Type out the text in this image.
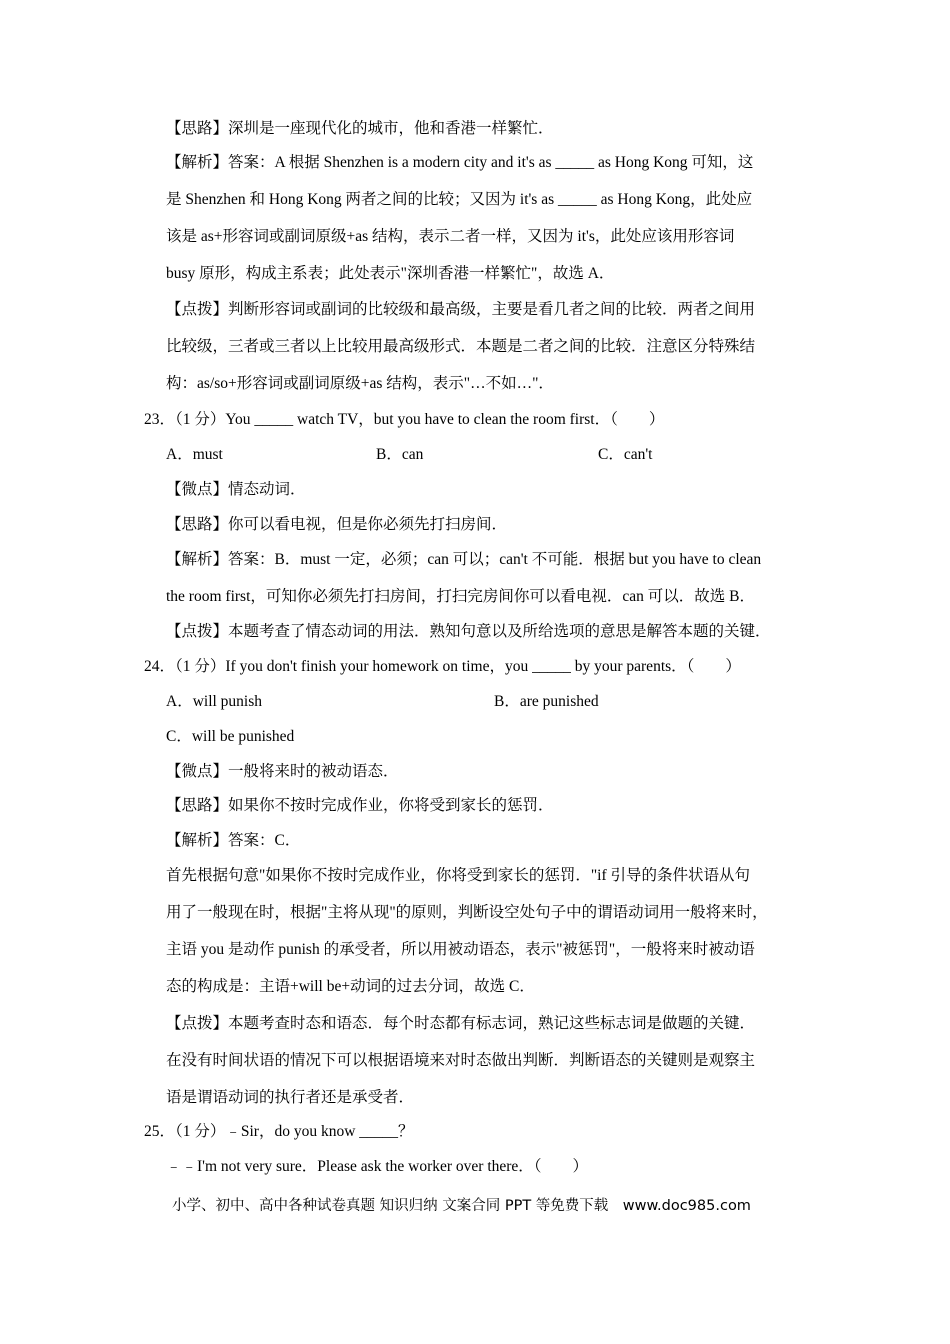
【思路】深圳是一座现代化的城市，他和香港一样繁忙．
【解析】答案：A 根据 Shenzhen is a modern city and it's as _____ as Hong Kong 可知，这
是 Shenzhen 和 Hong Kong 两者之间的比较；又因为 it's as _____ as Hong Kong，此处应
该是 as+形容词或副词原级+as 结构，表示二者一样，又因为 it's，此处应该用形容词
busy 原形，构成主系表；此处表示"深圳香港一样繁忙"，故选 A．
【点拨】判断形容词或副词的比较级和最高级，主要是看几者之间的比较．两者之间用
比较级，三者或三者以上比较用最高级形式．本题是二者之间的比较．注意区分特殊结
构：as/so+形容词或副词原级+as 结构，表示"…不如…"．
23．（1 分）You _____ watch TV，but you have to clean the room first．（　　）
A．must	B．can	C．can't
【微点】情态动词．
【思路】你可以看电视，但是你必须先打扫房间．
【解析】答案：B．must 一定，必须；can 可以；can't 不可能．根据 but you have to clean
the room first，可知你必须先打扫房间，打扫完房间你可以看电视．can 可以．故选 B．
【点拨】本题考查了情态动词的用法．熟知句意以及所给选项的意思是解答本题的关键．
24．（1 分）If you don't finish your homework on time，you _____ by your parents．（　　）
A．will punish	B．are punished
C．will be punished
【微点】一般将来时的被动语态．
【思路】如果你不按时完成作业，你将受到家长的惩罚．
【解析】答案：C．
首先根据句意"如果你不按时完成作业，你将受到家长的惩罚．"if 引导的条件状语从句
用了一般现在时，根据"主将从现"的原则，判断设空处句子中的谓语动词用一般将来时，
主语 you 是动作 punish 的承受者，所以用被动语态，表示"被惩罚"，一般将来时被动语
态的构成是：主语+will be+动词的过去分词，故选 C．
【点拨】本题考查时态和语态．每个时态都有标志词，熟记这些标志词是做题的关键．
在没有时间状语的情况下可以根据语境来对时态做出判断．判断语态的关键则是观察主
语是谓语动词的执行者还是承受者．
25．（1 分）﹣Sir，do you know _____？
﹣﹣I'm not very sure．Please ask the worker over there．（　　）
小学、初中、高中各种试卷真题 知识归纳 文案合同 PPT 等免费下载　www.doc985.com
